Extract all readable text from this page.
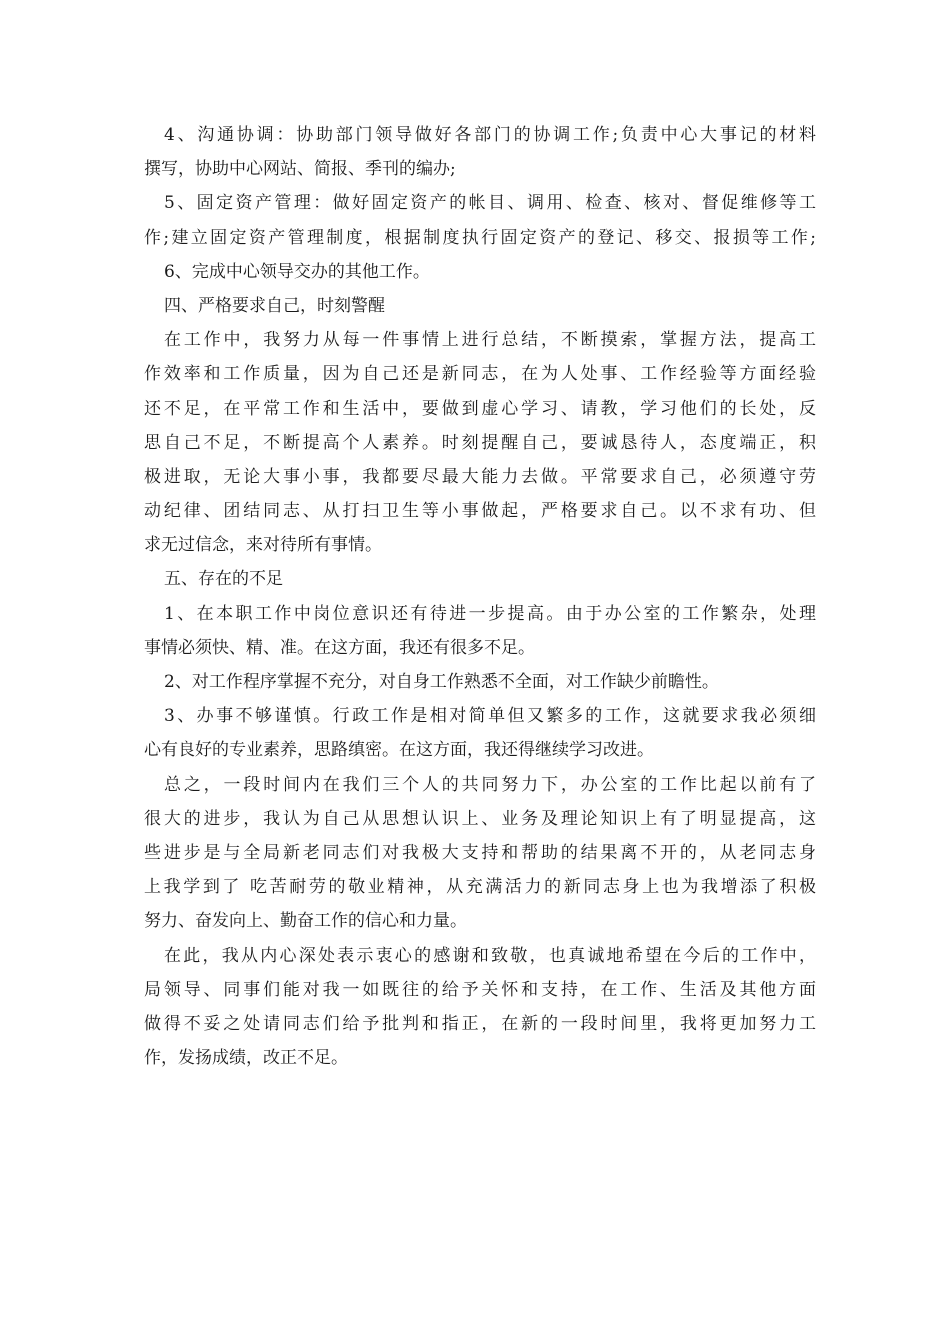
4、沟通协调：协助部门领导做好各部门的协调工作;负责中心大事记的材料
撰写，协助中心网站、简报、季刊的编办;
5、固定资产管理：做好固定资产的帐目、调用、检查、核对、督促维修等工
作;建立固定资产管理制度，根据制度执行固定资产的登记、移交、报损等工作;
6、完成中心领导交办的其他工作。
四、严格要求自己，时刻警醒
在工作中，我努力从每一件事情上进行总结，不断摸索，掌握方法，提高工
作效率和工作质量，因为自己还是新同志，在为人处事、工作经验等方面经验
还不足，在平常工作和生活中，要做到虚心学习、请教，学习他们的长处，反
思自己不足，不断提高个人素养。时刻提醒自己，要诚恳待人，态度端正，积
极进取，无论大事小事，我都要尽最大能力去做。平常要求自己，必须遵守劳
动纪律、团结同志、从打扫卫生等小事做起，严格要求自己。以不求有功、但
求无过信念，来对待所有事情。
五、存在的不足
1、在本职工作中岗位意识还有待进一步提高。由于办公室的工作繁杂，处理
事情必须快、精、准。在这方面，我还有很多不足。
2、对工作程序掌握不充分，对自身工作熟悉不全面，对工作缺少前瞻性。
3、办事不够谨慎。行政工作是相对简单但又繁多的工作，这就要求我必须细
心有良好的专业素养，思路缜密。在这方面，我还得继续学习改进。
总之，一段时间内在我们三个人的共同努力下，办公室的工作比起以前有了
很大的进步，我认为自己从思想认识上、业务及理论知识上有了明显提高，这
些进步是与全局新老同志们对我极大支持和帮助的结果离不开的，从老同志身
上我学到了 吃苦耐劳的敬业精神，从充满活力的新同志身上也为我增添了积极
努力、奋发向上、勤奋工作的信心和力量。
在此，我从内心深处表示衷心的感谢和致敬，也真诚地希望在今后的工作中，
局领导、同事们能对我一如既往的给予关怀和支持，在工作、生活及其他方面
做得不妥之处请同志们给予批判和指正，在新的一段时间里，我将更加努力工
作，发扬成绩，改正不足。
